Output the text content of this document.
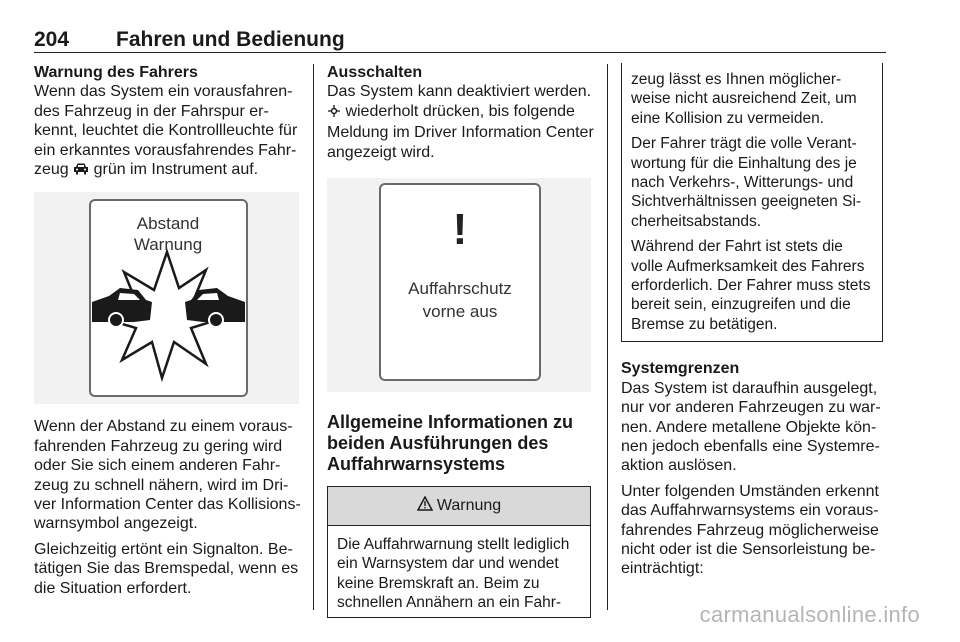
204 Fahren und Bedienung

Warnung des Fahrers

Wenn das System ein vorausfahren-des Fahrzeug in der Fahrspur er-kennt, leuchtet die Kontrollleuchte für ein erkanntes vorausfahrendes Fahr-zeug  grün im Instrument auf.

Abstand
Warnung

Wenn der Abstand zu einem voraus-fahrenden Fahrzeug zu gering wird oder Sie sich einem anderen Fahr-zeug zu schnell nähern, wird im Dri-ver Information Center das Kollisions-warnsymbol angezeigt.

Gleichzeitig ertönt ein Signalton. Be-tätigen Sie das Bremspedal, wenn es die Situation erfordert.

Ausschalten

Das System kann deaktiviert werden.

wiederholt drücken, bis folgende Meldung im Driver Information Center angezeigt wird.

!
Auffahrschutz
vorne aus

Allgemeine Informationen zu beiden Ausführungen des Auffahrwarnsystems

Warnung
Die Auffahrwarnung stellt lediglich ein Warnsystem dar und wendet keine Bremskraft an. Beim zu schnellen Annähern an ein Fahr-

zeug lässt es Ihnen möglicher-weise nicht ausreichend Zeit, um eine Kollision zu vermeiden.

Der Fahrer trägt die volle Verant-wortung für die Einhaltung des je nach Verkehrs-, Witterungs- und Sichtverhältnissen geeigneten Si-cherheitsabstands.

Während der Fahrt ist stets die volle Aufmerksamkeit des Fahrers erforderlich. Der Fahrer muss stets bereit sein, einzugreifen und die Bremse zu betätigen.

Systemgrenzen

Das System ist daraufhin ausgelegt, nur vor anderen Fahrzeugen zu war-nen. Andere metallene Objekte kön-nen jedoch ebenfalls eine Systemre-aktion auslösen.

Unter folgenden Umständen erkennt das Auffahrwarnsystems ein voraus-fahrendes Fahrzeug möglicherweise nicht oder ist die Sensorleistung be-einträchtigt:

carmanualsonline.info
